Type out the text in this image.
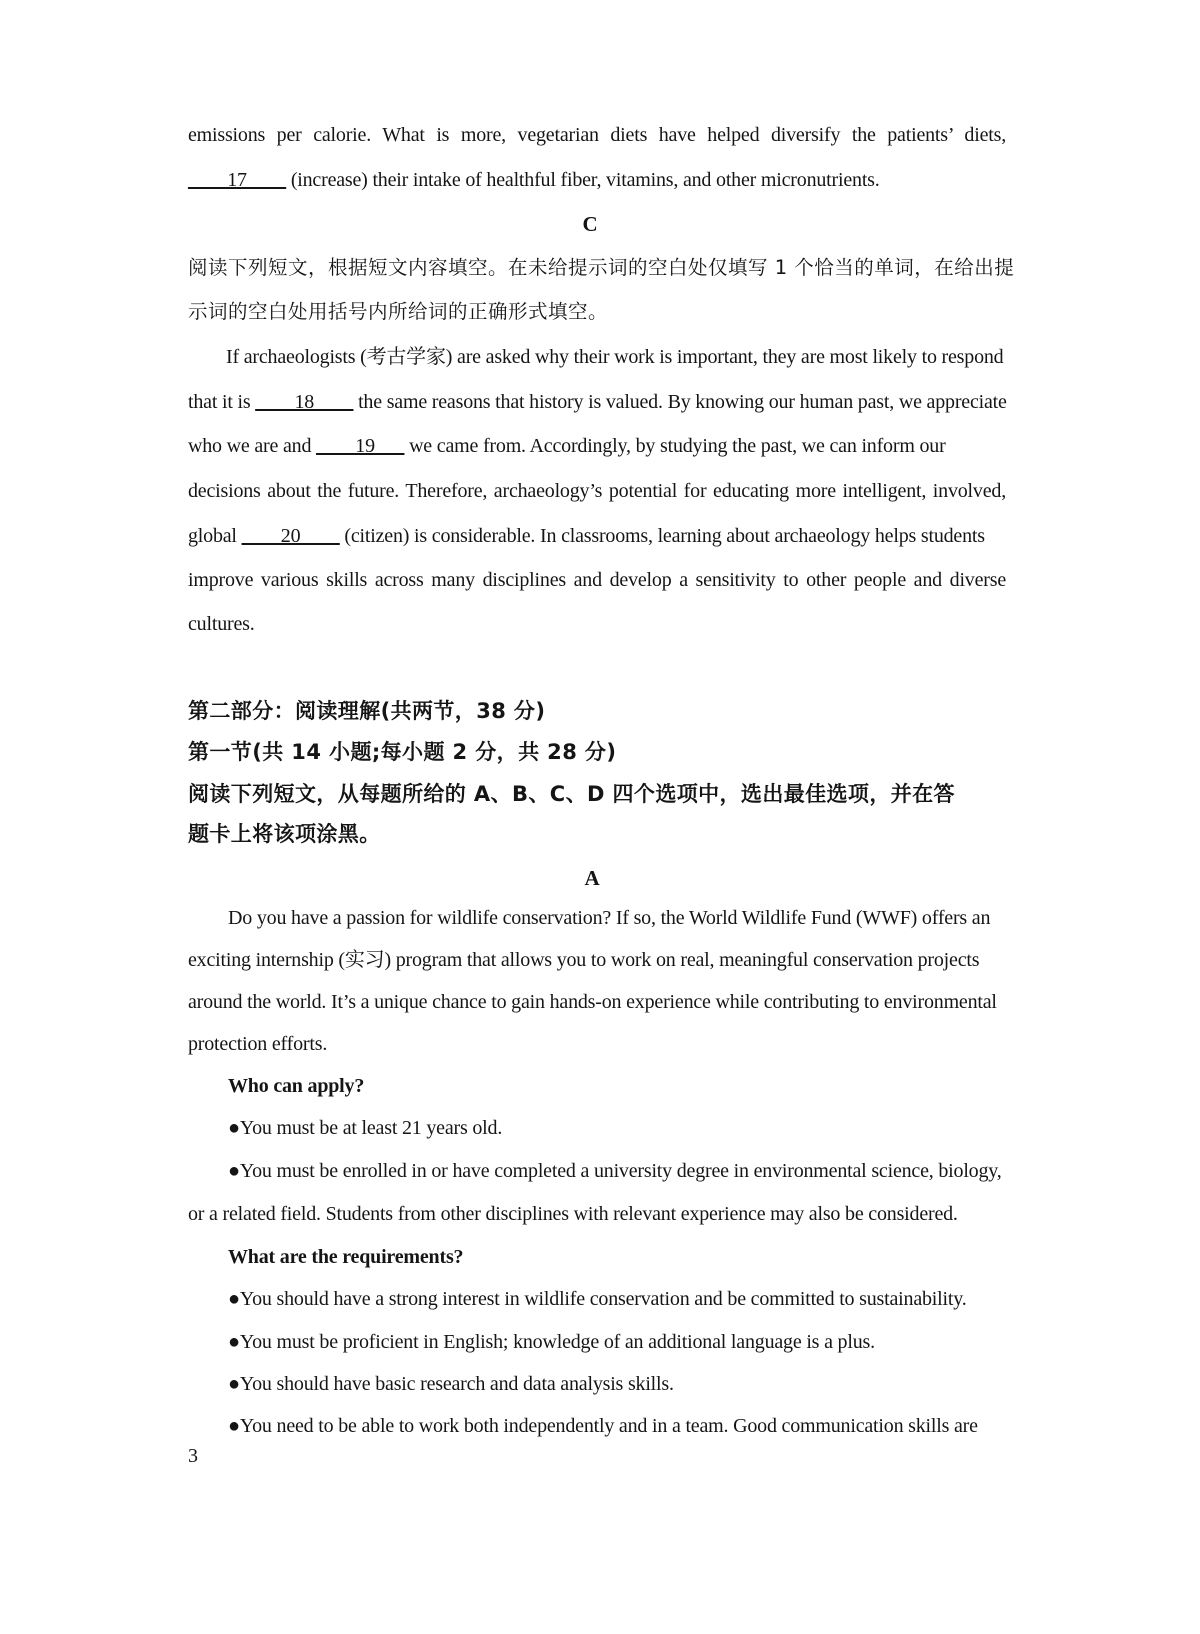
emissions per calorie. What is more, vegetarian diets have helped diversify the patients’ diets,
____17____ (increase) their intake of healthful fiber, vitamins, and other micronutrients.
C
阅读下列短文，根据短文内容填空。在未给提示词的空白处仅填写 1 个恰当的单词，在给出提
示词的空白处用括号内所给词的正确形式填空。
If archaeologists (考古学家) are asked why their work is important, they are most likely to respond
that it is ____18____ the same reasons that history is valued. By knowing our human past, we appreciate
who we are and ____19___ we came from. Accordingly, by studying the past, we can inform our
decisions about the future. Therefore, archaeology’s potential for educating more intelligent, involved,
global ____20____ (citizen) is considerable. In classrooms, learning about archaeology helps students
improve various skills across many disciplines and develop a sensitivity to other people and diverse
cultures.
第二部分：阅读理解(共两节，38 分)
第一节(共 14 小题;每小题 2 分，共 28 分)
阅读下列短文，从每题所给的 A、B、C、D 四个选项中，选出最佳选项，并在答
题卡上将该项涂黑。
A
Do you have a passion for wildlife conservation? If so, the World Wildlife Fund (WWF) offers an
exciting internship (实习) program that allows you to work on real, meaningful conservation projects
around the world. It’s a unique chance to gain hands-on experience while contributing to environmental
protection efforts.
Who can apply?
●You must be at least 21 years old.
●You must be enrolled in or have completed a university degree in environmental science, biology,
or a related field. Students from other disciplines with relevant experience may also be considered.
What are the requirements?
●You should have a strong interest in wildlife conservation and be committed to sustainability.
●You must be proficient in English; knowledge of an additional language is a plus.
●You should have basic research and data analysis skills.
●You need to be able to work both independently and in a team. Good communication skills are
3
